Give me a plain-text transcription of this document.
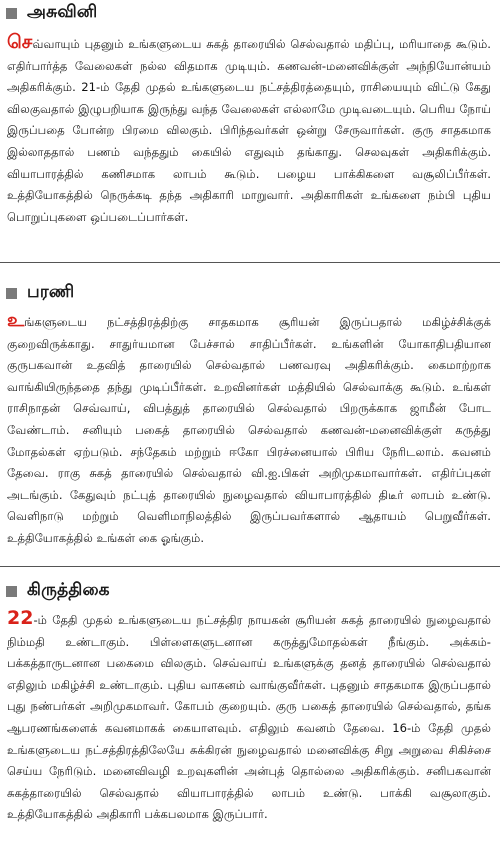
அசுவினி

செவ்வாயும் புதனும் உங்களுடைய சுகத் தாரையில் செல்வதால் மதிப்பு, மரியாதை கூடும். எதிர்பார்த்த வேலைகள் நல்ல விதமாக முடியும். கணவன்-மனைவிக்குள் அந்நியோன்யம் அதிகரிக்கும். 21-ம் தேதி முதல் உங்களுடைய நட்சத்திரத்தையும், ராசியையும் விட்டு கேது விலகுவதால் இழுபறியாக இருந்து வந்த வேலைகள் எல்லாமே முடிவடையும். பெரிய நோய் இருப்பதை போன்ற பிரமை விலகும். பிரிந்தவர்கள் ஒன்று சேருவார்கள். குரு சாதகமாக இல்லாததால் பணம் வந்ததும் கையில் எதுவும் தங்காது. செலவுகள் அதிகரிக்கும். வியாபாரத்தில் கணிசமாக லாபம் கூடும். பழைய பாக்கிகளை வசூலிப்பீர்கள். உத்தியோகத்தில் நெருக்கடி தந்த அதிகாரி மாறுவார். அதிகாரிகள் உங்களை நம்பி புதிய பொறுப்புகளை ஒப்படைப்பார்கள்.

பரணி

உங்களுடைய நட்சத்திரத்திற்கு சாதகமாக சூரியன் இருப்பதால் மகிழ்ச்சிக்குக் குறைவிருக்காது. சாதுர்யமான பேச்சால் சாதிப்பீர்கள். உங்களின் யோகாதிபதியான குருபகவான் உதவித் தாரையில் செல்வதால் பணவரவு அதிகரிக்கும். கைமாற்றாக வாங்கியிருந்ததை தந்து முடிப்பீர்கள். உறவினர்கள் மத்தியில் செல்வாக்கு கூடும். உங்கள் ராசிநாதன் செவ்வாய், விபத்துத் தாரையில் செல்வதால் பிறருக்காக ஜாமீன் போட வேண்டாம். சனியும் பகைத் தாரையில் செல்வதால் கணவன்-மனைவிக்குள் கருத்து மோதல்கள் ஏற்படும். சந்தேகம் மற்றும் ஈகோ பிரச்னையால் பிரிய நேரிடலாம். கவனம் தேவை. ராகு சுகத் தாரையில் செல்வதால் வி.ஐ.பிகள் அறிமுகமாவார்கள். எதிர்ப்புகள் அடங்கும். கேதுவும் நட்புத் தாரையில் நுழைவதால் வியாபாரத்தில் திடீர் லாபம் உண்டு. வெளிநாடு மற்றும் வெளிமாநிலத்தில் இருப்பவர்களால் ஆதாயம் பெறுவீர்கள். உத்தியோகத்தில் உங்கள் கை ஓங்கும்.

கிருத்திகை

22-ம் தேதி முதல் உங்களுடைய நட்சத்திர நாயகன் சூரியன் சுகத் தாரையில் நுழைவதால் நிம்மதி உண்டாகும். பிள்ளைகளுடனான கருத்துமோதல்கள் நீங்கும். அக்கம்-பக்கத்தாருடனான பகைமை விலகும். செவ்வாய் உங்களுக்கு தனத் தாரையில் செல்வதால் எதிலும் மகிழ்ச்சி உண்டாகும். புதிய வாகனம் வாங்குவீர்கள். புதனும் சாதகமாக இருப்பதால் புது நண்பர்கள் அறிமுகமாவர். கோபம் குறையும். குரு பகைத் தாரையில் செல்வதால், தங்க ஆபரணங்களைக் கவனமாகக் கையாளவும். எதிலும் கவனம் தேவை. 16-ம் தேதி முதல் உங்களுடைய நட்சத்திரத்திலேயே சுக்கிரன் நுழைவதால் மனைவிக்கு சிறு அறுவை சிகிச்சை செய்ய நேரிடும். மனைவிவழி உறவுகளின் அன்புத் தொல்லை அதிகரிக்கும். சனிபகவான் சுகத்தாரையில் செல்வதால் வியாபாரத்தில் லாபம் உண்டு. பாக்கி வசூலாகும். உத்தியோகத்தில் அதிகாரி பக்கபலமாக இருப்பார்.
